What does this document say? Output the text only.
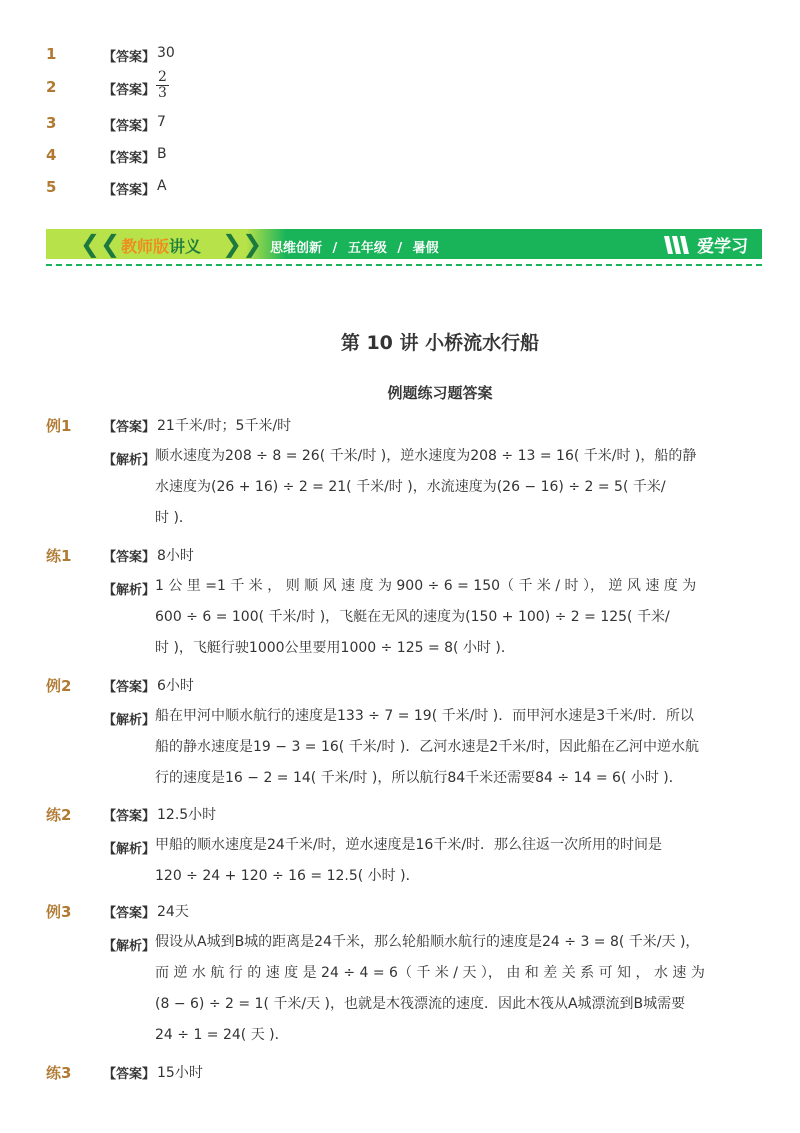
1	【答案】 30
2	【答案】 $\frac{2}{3}$
3	【答案】 7
4	【答案】 B
5	【答案】 A
❮❮ 教师版讲义 ❯❯ 思维创新 / 五年级 / 暑假	爱学习
第 10 讲 小桥流水行船
例题练习题答案
例1 【答案】 21千米/时；5千米/时
【解析】 顺水速度为208 ÷ 8 = 26( 千米/时 )，逆水速度为208 ÷ 13 = 16( 千米/时 )，船的静
水速度为(26 + 16) ÷ 2 = 21( 千米/时 )，水流速度为(26 − 16) ÷ 2 = 5( 千米/
时 )．
练1 【答案】 8小时
【解析】 1 公 里 =1 千 米 ， 则 顺 风 速 度 为 900 ÷ 6 = 150（ 千 米 / 时 ）， 逆 风 速 度 为
600 ÷ 6 = 100( 千米/时 )，飞艇在无风的速度为(150 + 100) ÷ 2 = 125( 千米/
时 )，飞艇行驶1000公里要用1000 ÷ 125 = 8( 小时 )．
例2 【答案】 6小时
【解析】 船在甲河中顺水航行的速度是133 ÷ 7 = 19( 千米/时 )．而甲河水速是3千米/时．所以
船的静水速度是19 − 3 = 16( 千米/时 )．乙河水速是2千米/时，因此船在乙河中逆水航
行的速度是16 − 2 = 14( 千米/时 )，所以航行84千米还需要84 ÷ 14 = 6( 小时 )．
练2 【答案】 12.5小时
【解析】 甲船的顺水速度是24千米/时，逆水速度是16千米/时．那么往返一次所用的时间是
120 ÷ 24 + 120 ÷ 16 = 12.5( 小时 )．
例3 【答案】 24天
【解析】 假设从A城到B城的距离是24千米，那么轮船顺水航行的速度是24 ÷ 3 = 8( 千米/天 )，
而 逆 水 航 行 的 速 度 是 24 ÷ 4 = 6（ 千 米 / 天 ）， 由 和 差 关 系 可 知 ， 水 速 为
(8 − 6) ÷ 2 = 1( 千米/天 )，也就是木筏漂流的速度．因此木筏从A城漂流到B城需要
24 ÷ 1 = 24( 天 )．
练3 【答案】 15小时
